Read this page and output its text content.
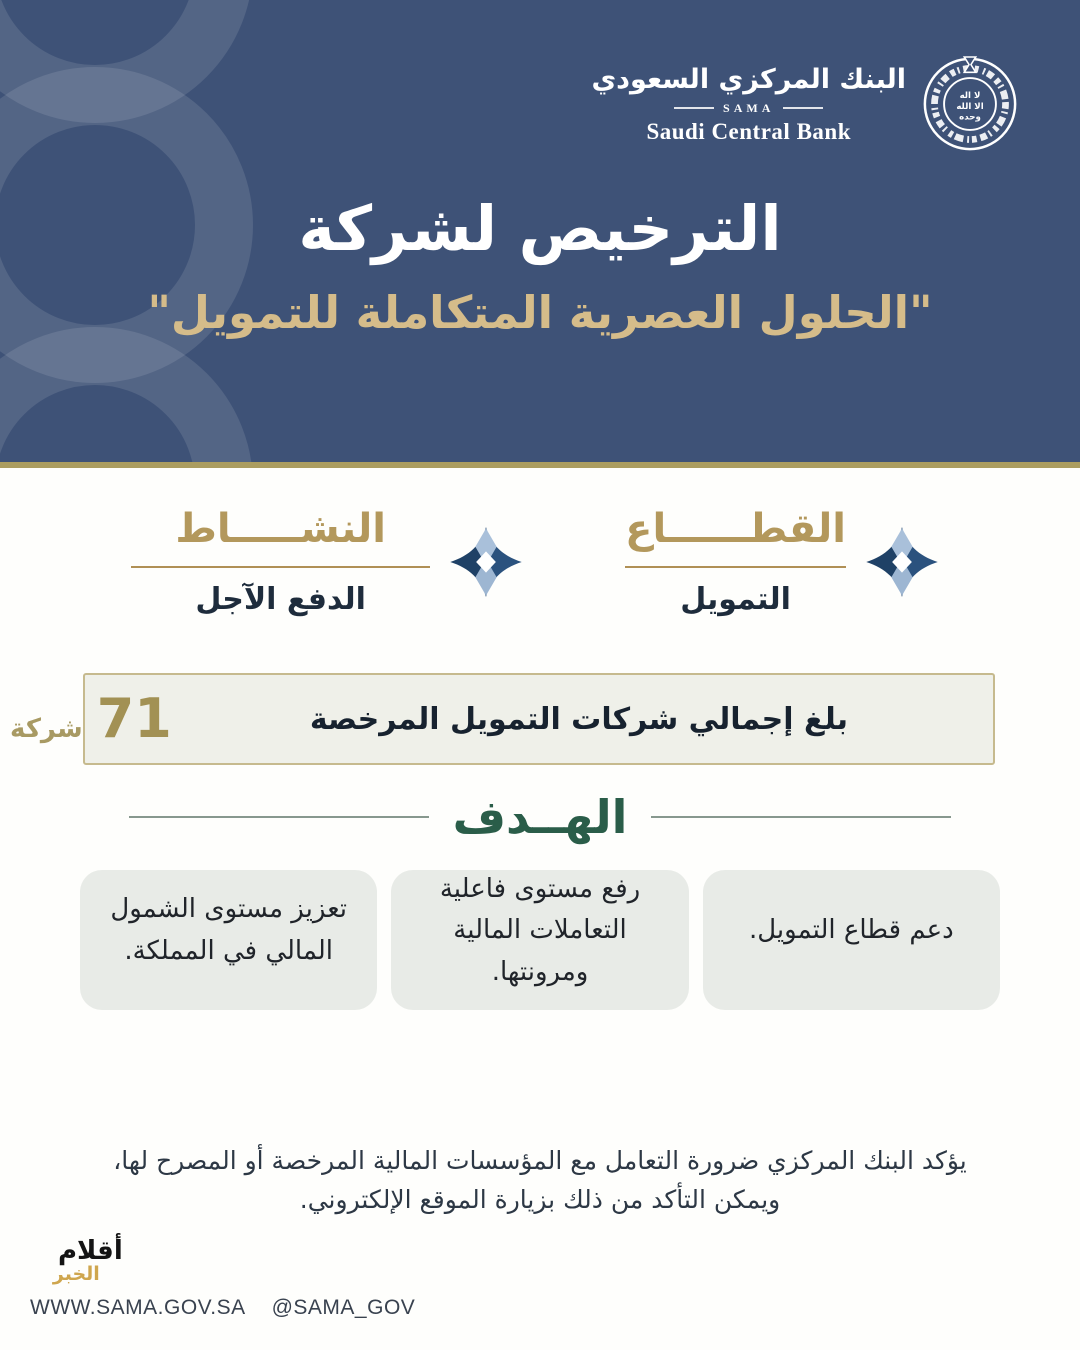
البنك المركزي السعودي
SAMA
Saudi Central Bank
لا اله
الا الله
وحده
الترخيص لشركة
"الحلول العصرية المتكاملة للتمويل"
القطــــــاع
التمويل
النشـــــاط
الدفع الآجل
بلغ إجمالي شركات التمويل المرخصة
71
شركة
الهــدف
دعم قطاع التمويل.
رفع مستوى فاعلية التعاملات المالية ومرونتها.
تعزيز مستوى الشمول المالي في المملكة.
يؤكد البنك المركزي ضرورة التعامل مع المؤسسات المالية المرخصة أو المصرح لها،
ويمكن التأكد من ذلك بزيارة الموقع الإلكتروني.
أقلام
الخبر
WWW.SAMA.GOV.SA @SAMA_GOV
